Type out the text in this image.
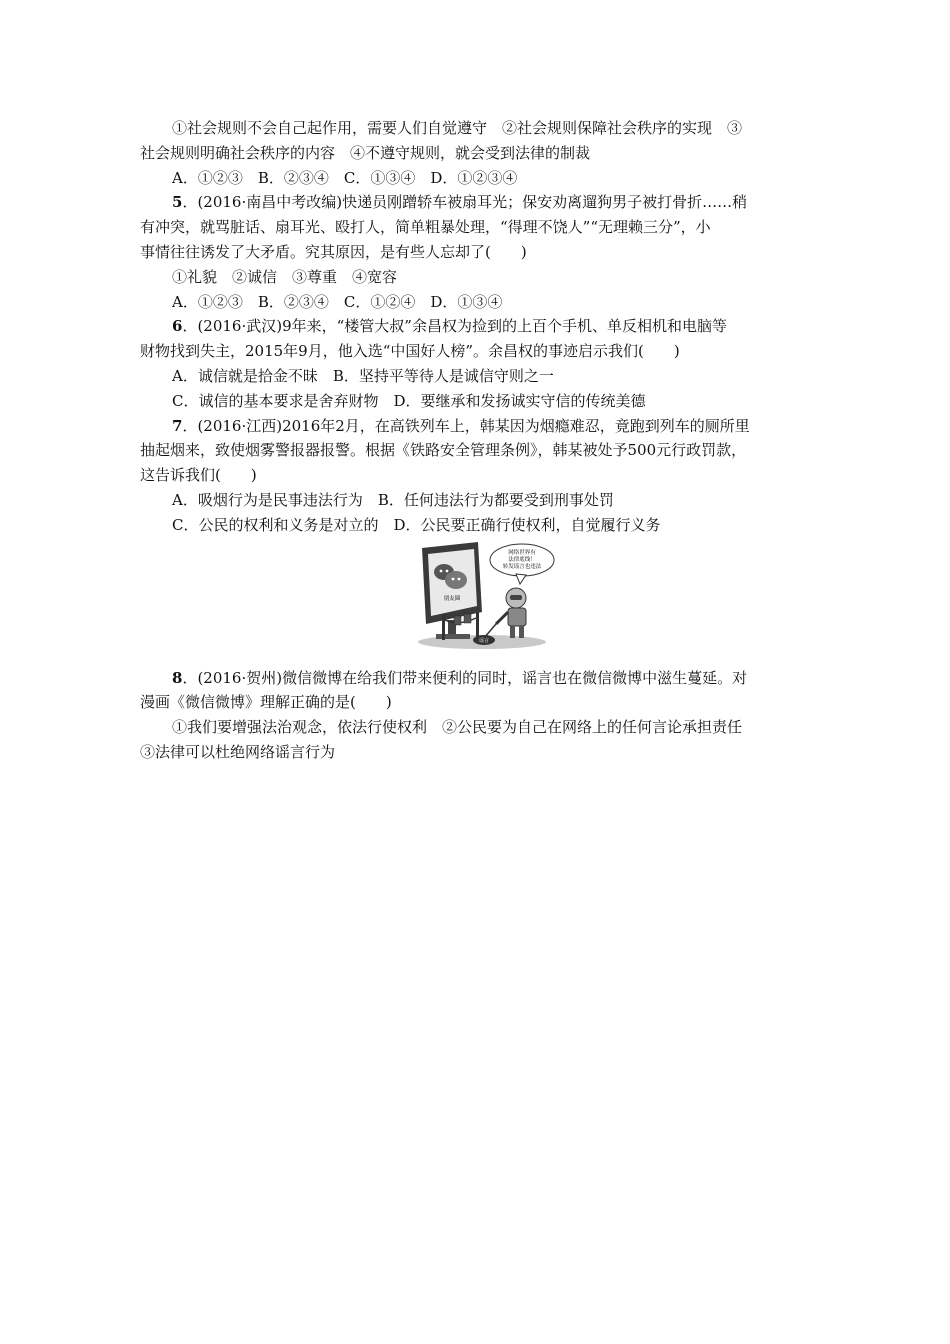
①社会规则不会自己起作用，需要人们自觉遵守　②社会规则保障社会秩序的实现　③
社会规则明确社会秩序的内容　④不遵守规则，就会受到法律的制裁
A．①②③　B．②③④　C．①③④　D．①②③④
5．(2016·南昌中考改编)快递员刚蹭轿车被扇耳光；保安劝离遛狗男子被打骨折……稍
有冲突，就骂脏话、扇耳光、殴打人，简单粗暴处理，“得理不饶人”“无理赖三分”，小
事情往往诱发了大矛盾。究其原因，是有些人忘却了(　　)
①礼貌　②诚信　③尊重　④宽容
A．①②③　B．②③④　C．①②④　D．①③④
6．(2016·武汉)9年来，“楼管大叔”余昌权为捡到的上百个手机、单反相机和电脑等
财物找到失主，2015年9月，他入选“中国好人榜”。余昌权的事迹启示我们(　　)
A．诚信就是拾金不昧　B．坚持平等待人是诚信守则之一
C．诚信的基本要求是舍弃财物　D．要继承和发扬诚实守信的传统美德
7．(2016·江西)2016年2月，在高铁列车上，韩某因为烟瘾难忍，竟跑到列车的厕所里
抽起烟来，致使烟雾警报器报警。根据《铁路安全管理条例》，韩某被处予500元行政罚款，
这告诉我们(　　)
A．吸烟行为是民事违法行为　B．任何违法行为都要受到刑事处罚
C．公民的权利和义务是对立的　D．公民要正确行使权利，自觉履行义务
朋友圈
网络世界有
法律底线！
转发谣言也违法
谣言
8．(2016·贺州)微信微博在给我们带来便利的同时，谣言也在微信微博中滋生蔓延。对
漫画《微信微博》理解正确的是(　　)
①我们要增强法治观念，依法行使权利　②公民要为自己在网络上的任何言论承担责任
③法律可以杜绝网络谣言行为
